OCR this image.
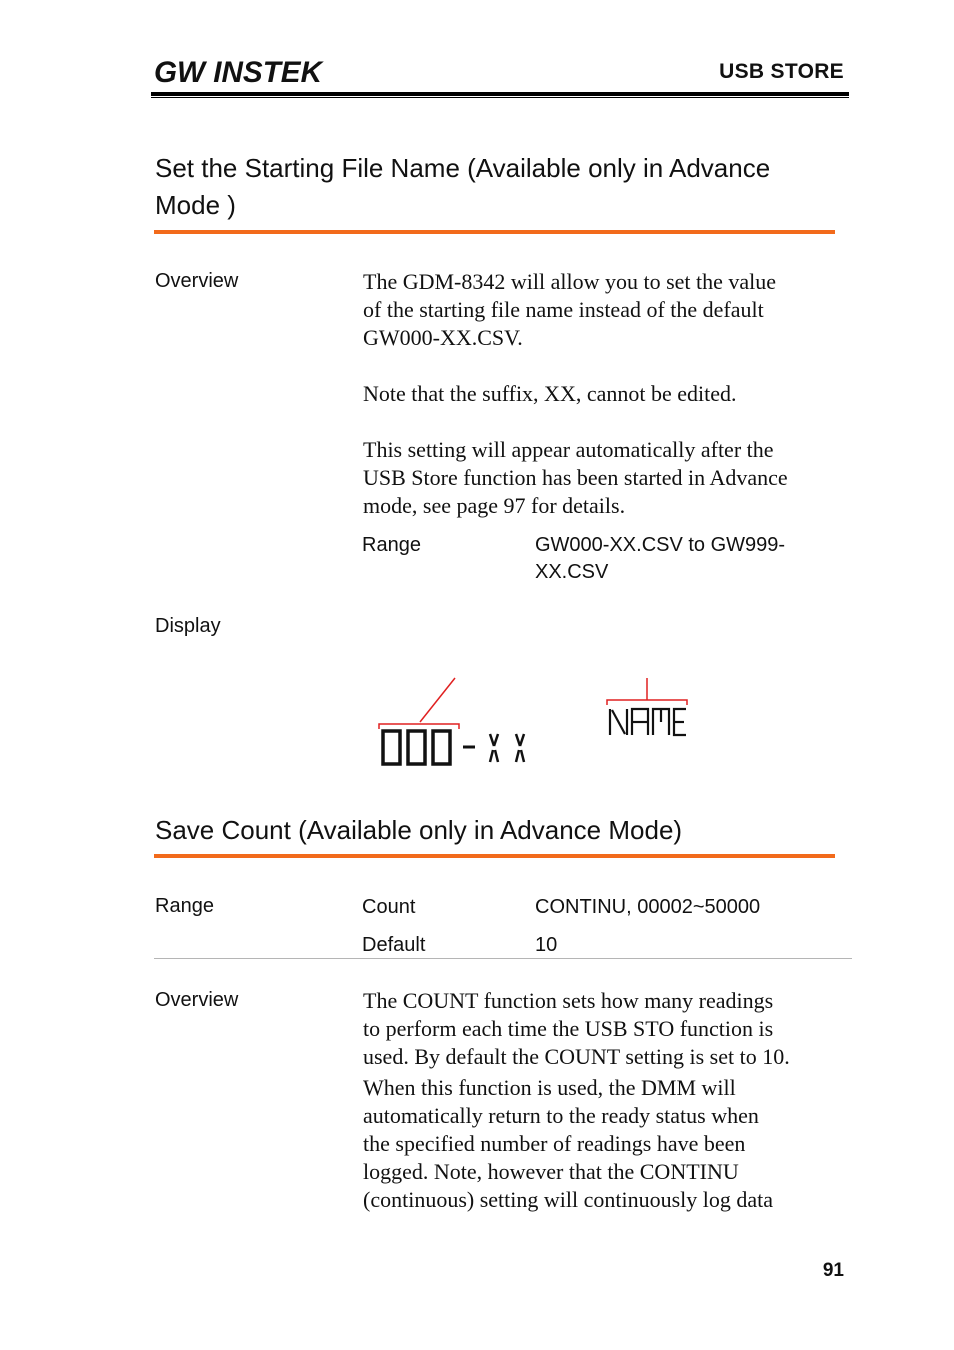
GW INSTEK	USB STORE
Set the Starting File Name (Available only in Advance
Mode )
Overview	The GDM-8342 will allow you to set the value
of the starting file name instead of the default
GW000-XX.CSV.
Note that the suffix, XX, cannot be edited.
This setting will appear automatically after the
USB Store function has been started in Advance
mode, see page 97 for details.
Range	GW000-XX.CSV to GW999-
XX.CSV
Display
Save Count (Available only in Advance Mode)
Range	Count	CONTINU, 00002~50000
Default	10
Overview	The COUNT function sets how many readings
to perform each time the USB STO function is
used. By default the COUNT setting is set to 10.
When this function is used, the DMM will
automatically return to the ready status when
the specified number of readings have been
logged. Note, however that the CONTINU
(continuous) setting will continuously log data
91
